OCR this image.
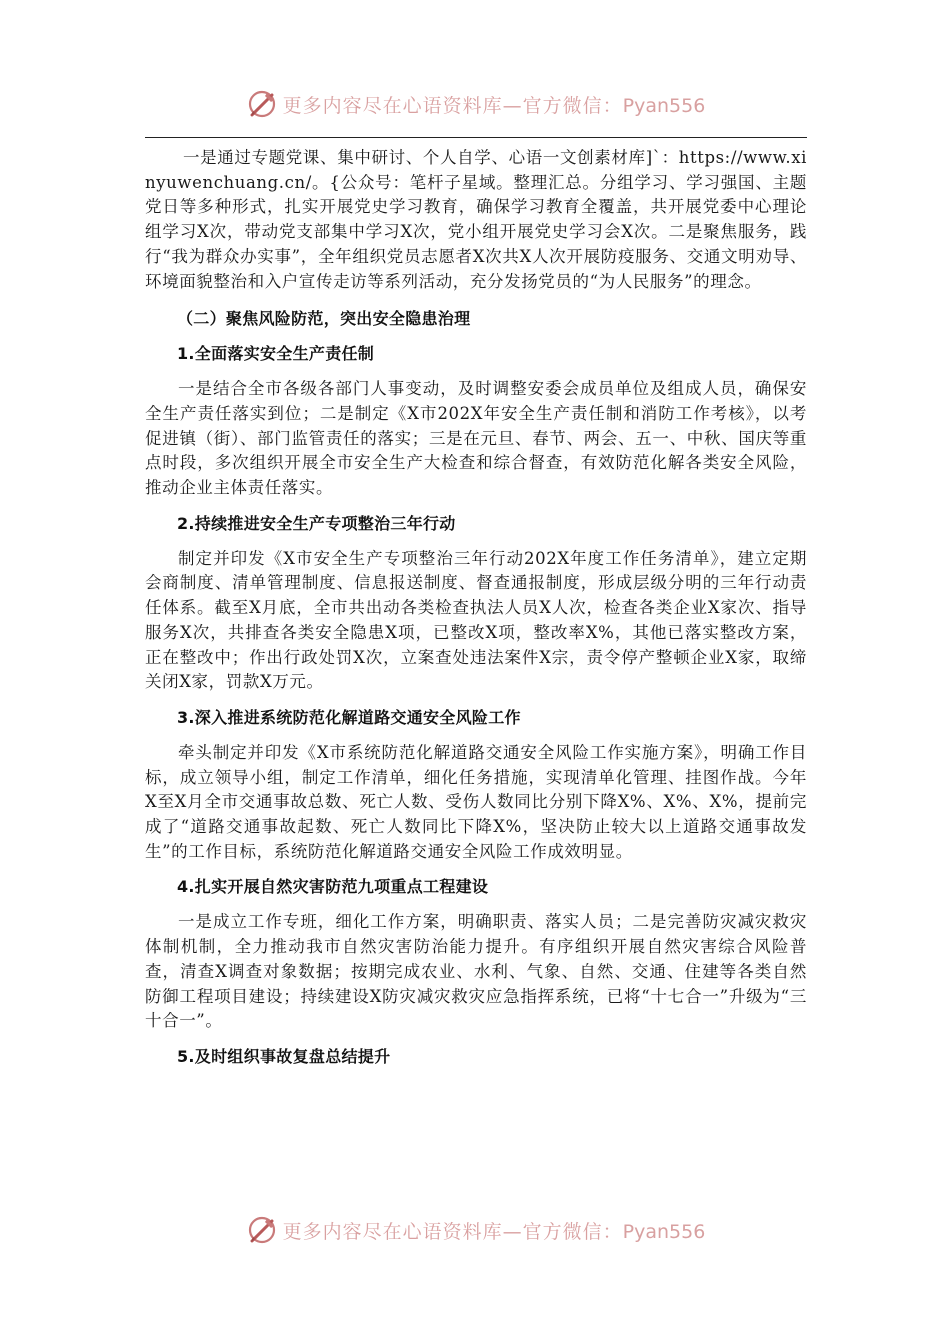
更多内容尽在心语资料库—官方微信：Pyan556

一是通过专题党课、集中研讨、个人自学、心语一文创素材库]`：https://www.xinyuwenchuang.cn/。{公众号：笔杆子星域。整理汇总。分组学习、学习强国、主题党日等多种形式，扎实开展党史学习教育，确保学习教育全覆盖，共开展党委中心理论组学习X次，带动党支部集中学习X次，党小组开展党史学习会X次。二是聚焦服务，践行“我为群众办实事”，全年组织党员志愿者X次共X人次开展防疫服务、交通文明劝导、环境面貌整治和入户宣传走访等系列活动，充分发扬党员的“为人民服务”的理念。

（二）聚焦风险防范，突出安全隐患治理

1.全面落实安全生产责任制

一是结合全市各级各部门人事变动，及时调整安委会成员单位及组成人员，确保安全生产责任落实到位；二是制定《X市202X年安全生产责任制和消防工作考核》，以考促进镇（街）、部门监管责任的落实；三是在元旦、春节、两会、五一、中秋、国庆等重点时段，多次组织开展全市安全生产大检查和综合督查，有效防范化解各类安全风险，推动企业主体责任落实。

2.持续推进安全生产专项整治三年行动

制定并印发《X市安全生产专项整治三年行动202X年度工作任务清单》，建立定期会商制度、清单管理制度、信息报送制度、督查通报制度，形成层级分明的三年行动责任体系。截至X月底，全市共出动各类检查执法人员X人次，检查各类企业X家次、指导服务X次，共排查各类安全隐患X项，已整改X项，整改率X%，其他已落实整改方案，正在整改中；作出行政处罚X次，立案查处违法案件X宗，责令停产整顿企业X家，取缔关闭X家，罚款X万元。

3.深入推进系统防范化解道路交通安全风险工作

牵头制定并印发《X市系统防范化解道路交通安全风险工作实施方案》，明确工作目标，成立领导小组，制定工作清单，细化任务措施，实现清单化管理、挂图作战。今年X至X月全市交通事故总数、死亡人数、受伤人数同比分别下降X%、X%、X%，提前完成了“道路交通事故起数、死亡人数同比下降X%，坚决防止较大以上道路交通事故发生”的工作目标，系统防范化解道路交通安全风险工作成效明显。

4.扎实开展自然灾害防范九项重点工程建设

一是成立工作专班，细化工作方案，明确职责、落实人员；二是完善防灾减灾救灾体制机制，全力推动我市自然灾害防治能力提升。有序组织开展自然灾害综合风险普查，清查X调查对象数据；按期完成农业、水利、气象、自然、交通、住建等各类自然防御工程项目建设；持续建设X防灾减灾救灾应急指挥系统，已将“十七合一”升级为“三十合一”。

5.及时组织事故复盘总结提升

更多内容尽在心语资料库—官方微信：Pyan556
